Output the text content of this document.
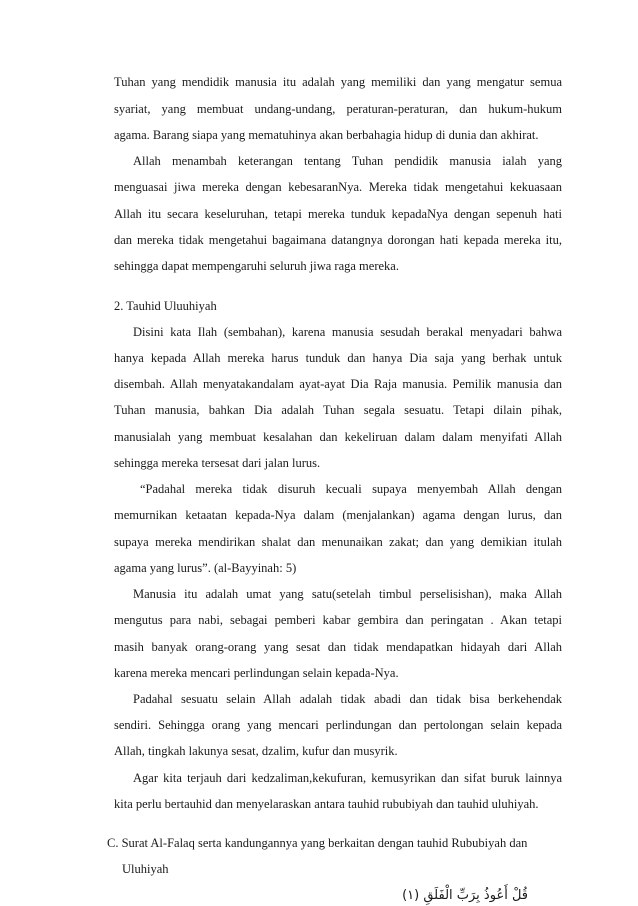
Tuhan yang mendidik manusia itu adalah yang memiliki dan yang mengatur semua
syariat, yang membuat undang-undang, peraturan-peraturan, dan hukum-hukum
agama. Barang siapa yang mematuhinya akan berbahagia hidup di dunia dan akhirat.
Allah menambah keterangan tentang Tuhan pendidik manusia ialah yang
menguasai jiwa mereka dengan kebesaranNya. Mereka tidak mengetahui kekuasaan
Allah itu secara keseluruhan, tetapi mereka tunduk kepadaNya dengan sepenuh hati
dan mereka tidak mengetahui bagaimana datangnya dorongan hati kepada mereka itu,
sehingga dapat mempengaruhi seluruh jiwa raga mereka.
2. Tauhid Uluuhiyah
Disini kata Ilah (sembahan), karena manusia sesudah berakal menyadari bahwa
hanya kepada Allah mereka harus tunduk dan hanya Dia saja yang berhak untuk
disembah. Allah menyatakandalam ayat-ayat Dia Raja manusia. Pemilik manusia dan
Tuhan manusia, bahkan Dia adalah Tuhan segala sesuatu. Tetapi dilain pihak,
manusialah yang membuat kesalahan dan kekeliruan dalam dalam menyifati Allah
sehingga mereka tersesat dari jalan lurus.
“Padahal mereka tidak disuruh kecuali supaya menyembah Allah dengan
memurnikan ketaatan kepada-Nya dalam (menjalankan) agama dengan lurus, dan
supaya mereka mendirikan shalat dan menunaikan zakat; dan yang demikian itulah
agama yang lurus”. (al-Bayyinah: 5)
Manusia itu adalah umat yang satu(setelah timbul perselisishan), maka Allah
mengutus para nabi, sebagai pemberi kabar gembira dan peringatan . Akan tetapi
masih banyak orang-orang yang sesat dan tidak mendapatkan hidayah dari Allah
karena mereka mencari perlindungan selain kepada-Nya.
Padahal sesuatu selain Allah adalah tidak abadi dan tidak bisa berkehendak
sendiri. Sehingga orang yang mencari perlindungan dan pertolongan selain kepada
Allah, tingkah lakunya sesat, dzalim, kufur dan musyrik.
Agar kita terjauh dari kedzaliman,kekufuran, kemusyrikan dan sifat buruk lainnya
kita perlu bertauhid dan menyelaraskan antara tauhid rububiyah dan tauhid uluhiyah.
C. Surat Al-Falaq serta kandungannya yang berkaitan dengan tauhid Rububiyah dan
Uluhiyah
قُلْ أَعُوذُ بِرَبِّ الْفَلَقِ (١)
